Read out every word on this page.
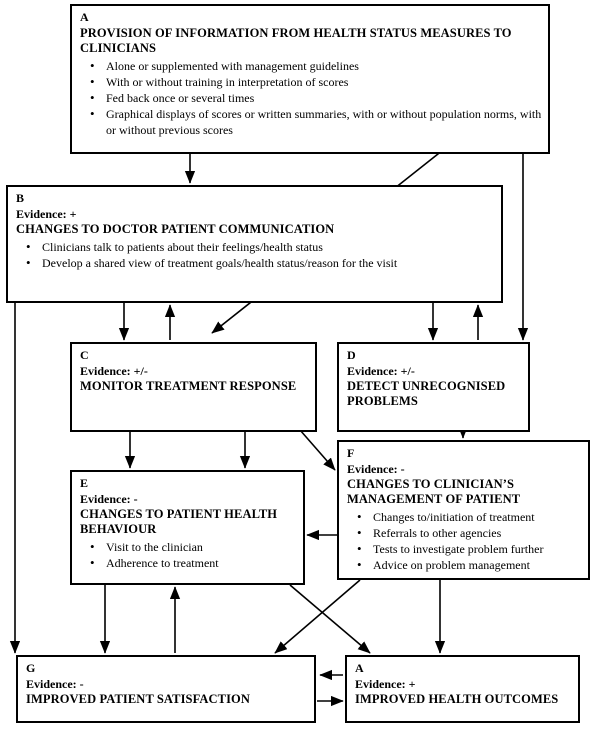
A
PROVISION OF INFORMATION FROM HEALTH STATUS MEASURES TO CLINICIANS
• Alone or supplemented with management guidelines
• With or without training in interpretation of scores
• Fed back once or several times
• Graphical displays of scores or written summaries, with or without population norms, with or without previous scores
B
Evidence: +
CHANGES TO DOCTOR PATIENT COMMUNICATION
• Clinicians talk to patients about their feelings/health status
• Develop a shared view of treatment goals/health status/reason for the visit
C
Evidence: +/-
MONITOR TREATMENT RESPONSE
D
Evidence: +/-
DETECT UNRECOGNISED PROBLEMS
F
Evidence: -
CHANGES TO CLINICIAN’S MANAGEMENT OF PATIENT
• Changes to/initiation of treatment
• Referrals to other agencies
• Tests to investigate problem further
• Advice on problem management
E
Evidence: -
CHANGES TO PATIENT HEALTH BEHAVIOUR
• Visit to the clinician
• Adherence to treatment
G
Evidence: -
IMPROVED PATIENT SATISFACTION
A
Evidence: +
IMPROVED HEALTH OUTCOMES
